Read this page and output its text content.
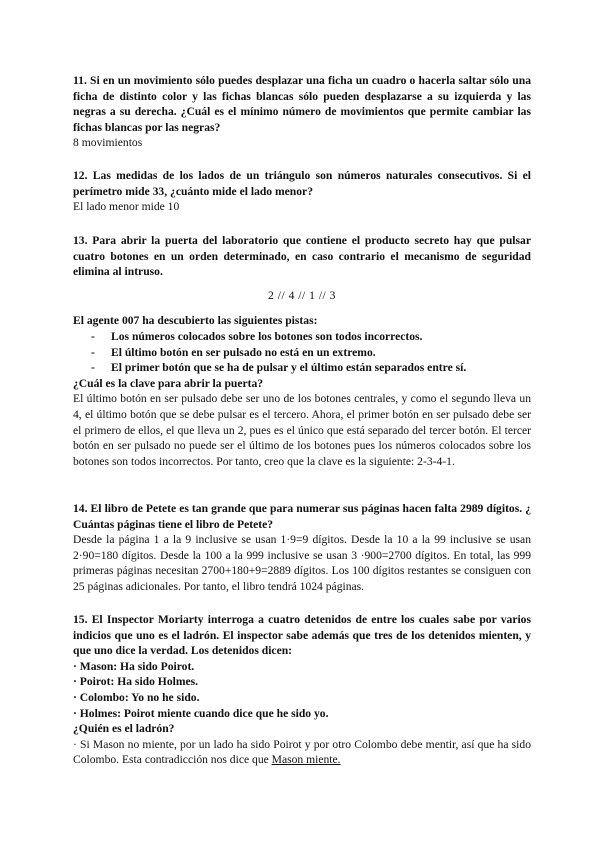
11. Si en un movimiento sólo puedes desplazar una ficha un cuadro o hacerla saltar sólo una ficha de distinto color y las fichas blancas sólo pueden desplazarse a su izquierda y las negras a su derecha. ¿Cuál es el mínimo número de movimientos que permite cambiar las fichas blancas por las negras?

8 movimientos

12. Las medidas de los lados de un triángulo son números naturales consecutivos. Si el perímetro mide 33, ¿cuánto mide el lado menor?

El lado menor mide 10

13. Para abrir la puerta del laboratorio que contiene el producto secreto hay que pulsar cuatro botones en un orden determinado, en caso contrario el mecanismo de seguridad elimina al intruso.

2 // 4 // 1 // 3

El agente 007 ha descubierto las siguientes pistas:

- Los números colocados sobre los botones son todos incorrectos.
- El último botón en ser pulsado no está en un extremo.
- El primer botón que se ha de pulsar y el último están separados entre sí.

¿Cuál es la clave para abrir la puerta?

El último botón en ser pulsado debe ser uno de los botones centrales, y como el segundo lleva un 4, el último botón que se debe pulsar es el tercero. Ahora, el primer botón en ser pulsado debe ser el primero de ellos, el que lleva un 2, pues es el único que está separado del tercer botón. El tercer botón en ser pulsado no puede ser el último de los botones pues los números colocados sobre los botones son todos incorrectos. Por tanto, creo que la clave es la siguiente: 2-3-4-1.

14. El libro de Petete es tan grande que para numerar sus páginas hacen falta 2989 dígitos. ¿ Cuántas páginas tiene el libro de Petete?

Desde la página 1 a la 9 inclusive se usan 1·9=9 dígitos. Desde la 10 a la 99 inclusive se usan 2·90=180 dígitos. Desde la 100 a la 999 inclusive se usan 3 ·900=2700 dígitos. En total, las 999 primeras páginas necesitan 2700+180+9=2889 dígitos. Los 100 dígitos restantes se consiguen con 25 páginas adicionales. Por tanto, el libro tendrá 1024 páginas.

15. El Inspector Moriarty interroga a cuatro detenidos de entre los cuales sabe por varios indicios que uno es el ladrón. El inspector sabe además que tres de los detenidos mienten, y que uno dice la verdad. Los detenidos dicen:

· Mason: Ha sido Poirot.

· Poirot: Ha sido Holmes.

· Colombo: Yo no he sido.

· Holmes: Poirot miente cuando dice que he sido yo.

¿Quién es el ladrón?

· Si Mason no miente, por un lado ha sido Poirot y por otro Colombo debe mentir, así que ha sido Colombo. Esta contradicción nos dice que Mason miente.
